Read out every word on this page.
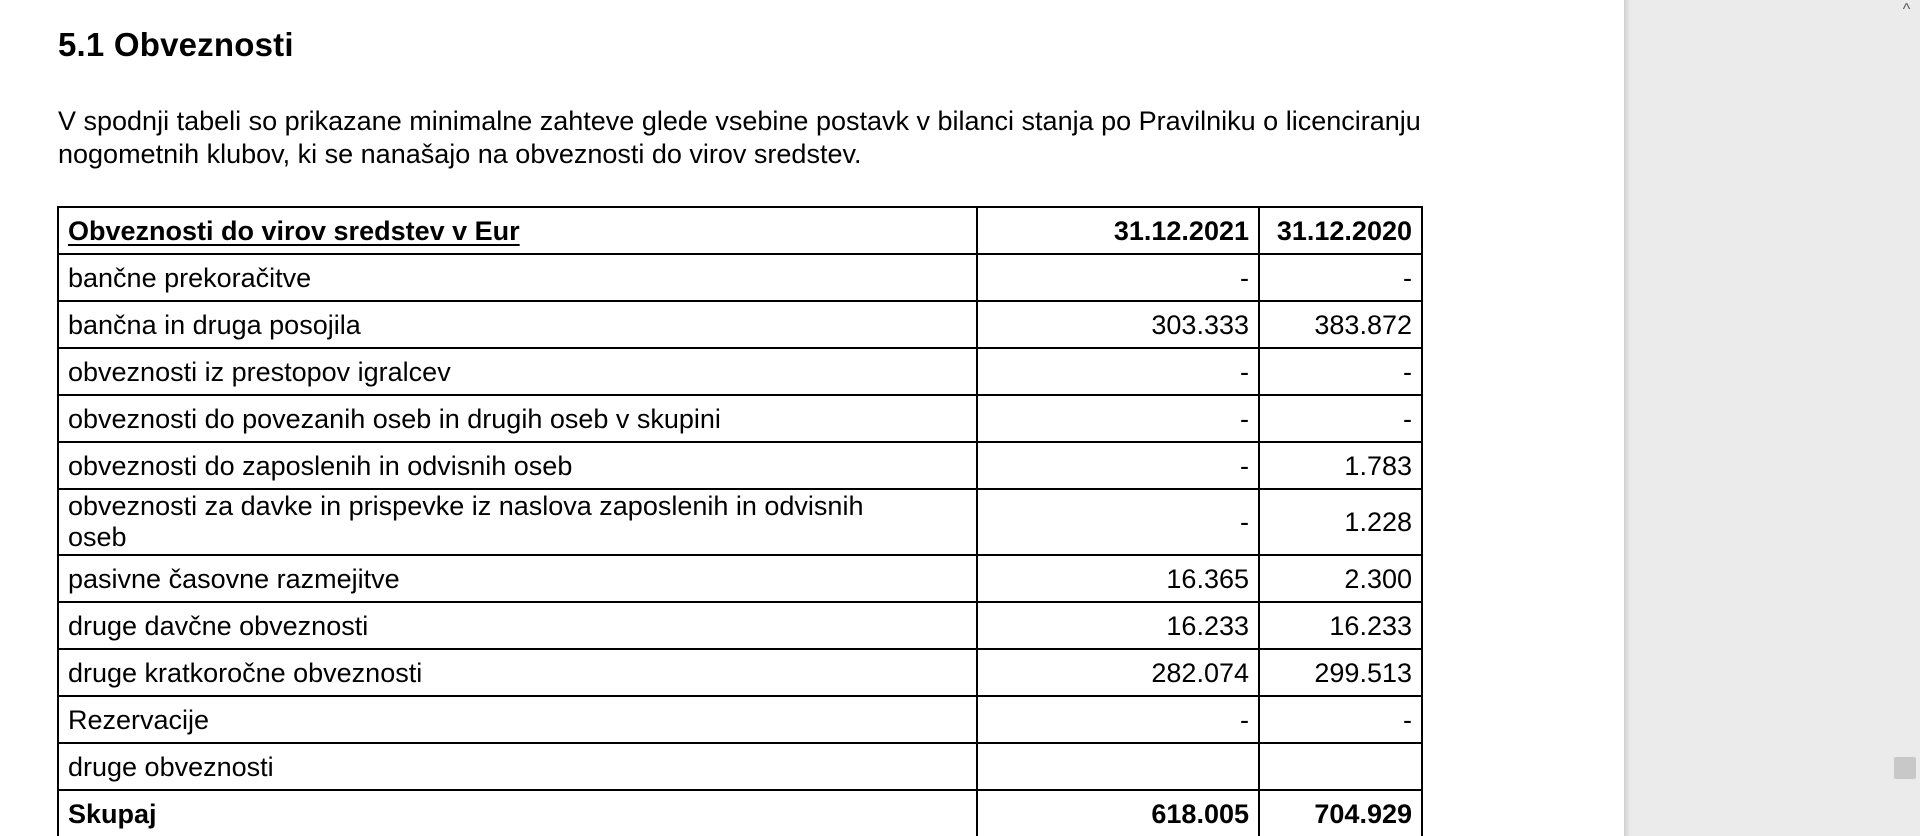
5.1 Obveznosti

V spodnji tabeli so prikazane minimalne zahteve glede vsebine postavk v bilanci stanja po Pravilniku o licenciranju
nogometnih klubov, ki se nanašajo na obveznosti do virov sredstev.

Obveznosti do virov sredstev v Eur	31.12.2021	31.12.2020
bančne prekoračitve	-	-
bančna in druga posojila	303.333	383.872
obveznosti iz prestopov igralcev	-	-
obveznosti do povezanih oseb in drugih oseb v skupini	-	-
obveznosti do zaposlenih in odvisnih oseb	-	1.783

obveznosti za davke in prispevke iz naslova zaposlenih in odvisnih
oseb	-	1.228
pasivne časovne razmejitve	16.365	2.300
druge davčne obveznosti	16.233	16.233
druge kratkoročne obveznosti	282.074	299.513
Rezervacije	-	-
druge obveznosti		
Skupaj	618.005	704.929
^
